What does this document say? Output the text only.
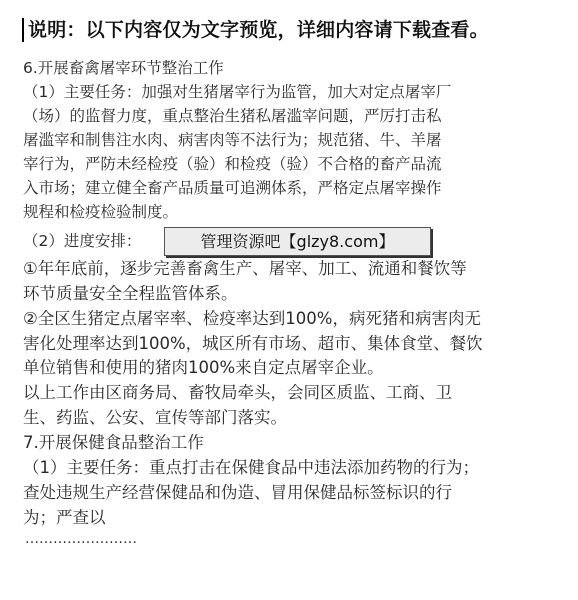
说明：以下内容仅为文字预览，详细内容请下载查看。
6.开展畜禽屠宰环节整治工作
（1）主要任务：加强对生猪屠宰行为监管，加大对定点屠宰厂
（场）的监督力度，重点整治生猪私屠滥宰问题，严厉打击私
屠滥宰和制售注水肉、病害肉等不法行为；规范猪、牛、羊屠
宰行为，严防未经检疫（验）和检疫（验）不合格的畜产品流
入市场；建立健全畜产品质量可追溯体系，严格定点屠宰操作
规程和检疫检验制度。
（2）进度安排：
①年年底前，逐步完善畜禽生产、屠宰、加工、流通和餐饮等
环节质量安全全程监管体系。
②全区生猪定点屠宰率、检疫率达到100%，病死猪和病害肉无
害化处理率达到100%，城区所有市场、超市、集体食堂、餐饮
单位销售和使用的猪肉100%来自定点屠宰企业。
以上工作由区商务局、畜牧局牵头，会同区质监、工商、卫
生、药监、公安、宣传等部门落实。
7.开展保健食品整治工作
（1）主要任务：重点打击在保健食品中违法添加药物的行为；
查处违规生产经营保健品和伪造、冒用保健品标签标识的行
为；严查以
……………………
管理资源吧【glzy8.com】
